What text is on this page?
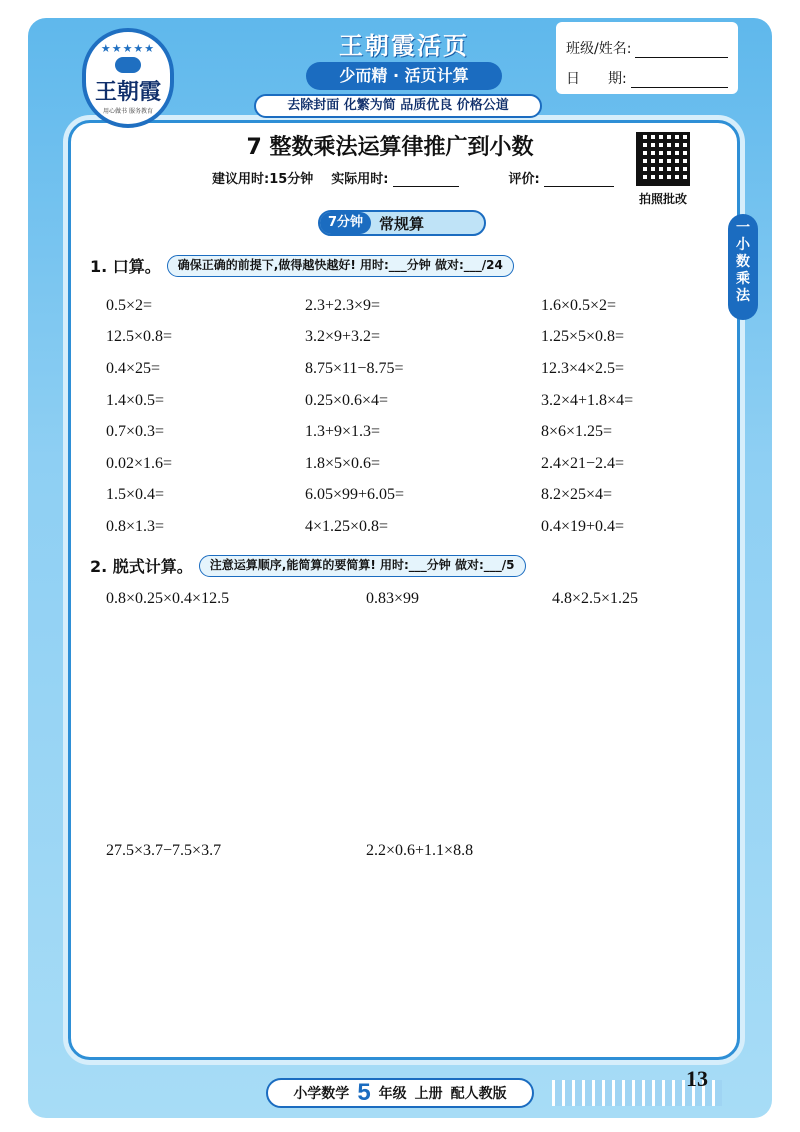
★★★★★
王朝霞
用心做书 服务教育
王朝霞活页
少而精 · 活页计算
去除封面 化繁为简 品质优良 价格公道
班级/姓名:
日　　期:
拍照批改
一
小
数
乘
法
7 整数乘法运算律推广到小数
建议用时:15分钟 实际用时:	评价:
7分钟	常规算
1. 口算。	确保正确的前提下,做得越快越好! 用时:___分钟 做对:___/24
0.5×2=	2.3+2.3×9=	1.6×0.5×2=
12.5×0.8=	3.2×9+3.2=	1.25×5×0.8=
0.4×25=	8.75×11−8.75=	12.3×4×2.5=
1.4×0.5=	0.25×0.6×4=	3.2×4+1.8×4=
0.7×0.3=	1.3+9×1.3=	8×6×1.25=
0.02×1.6=	1.8×5×0.6=	2.4×21−2.4=
1.5×0.4=	6.05×99+6.05=	8.2×25×4=
0.8×1.3=	4×1.25×0.8=	0.4×19+0.4=
2. 脱式计算。	注意运算顺序,能简算的要简算! 用时:___分钟 做对:___/5
0.8×0.25×0.4×12.5	0.83×99	4.8×2.5×1.25
27.5×3.7−7.5×3.7	2.2×0.6+1.1×8.8
小学数学 5 年级 上册 配人教版
13
